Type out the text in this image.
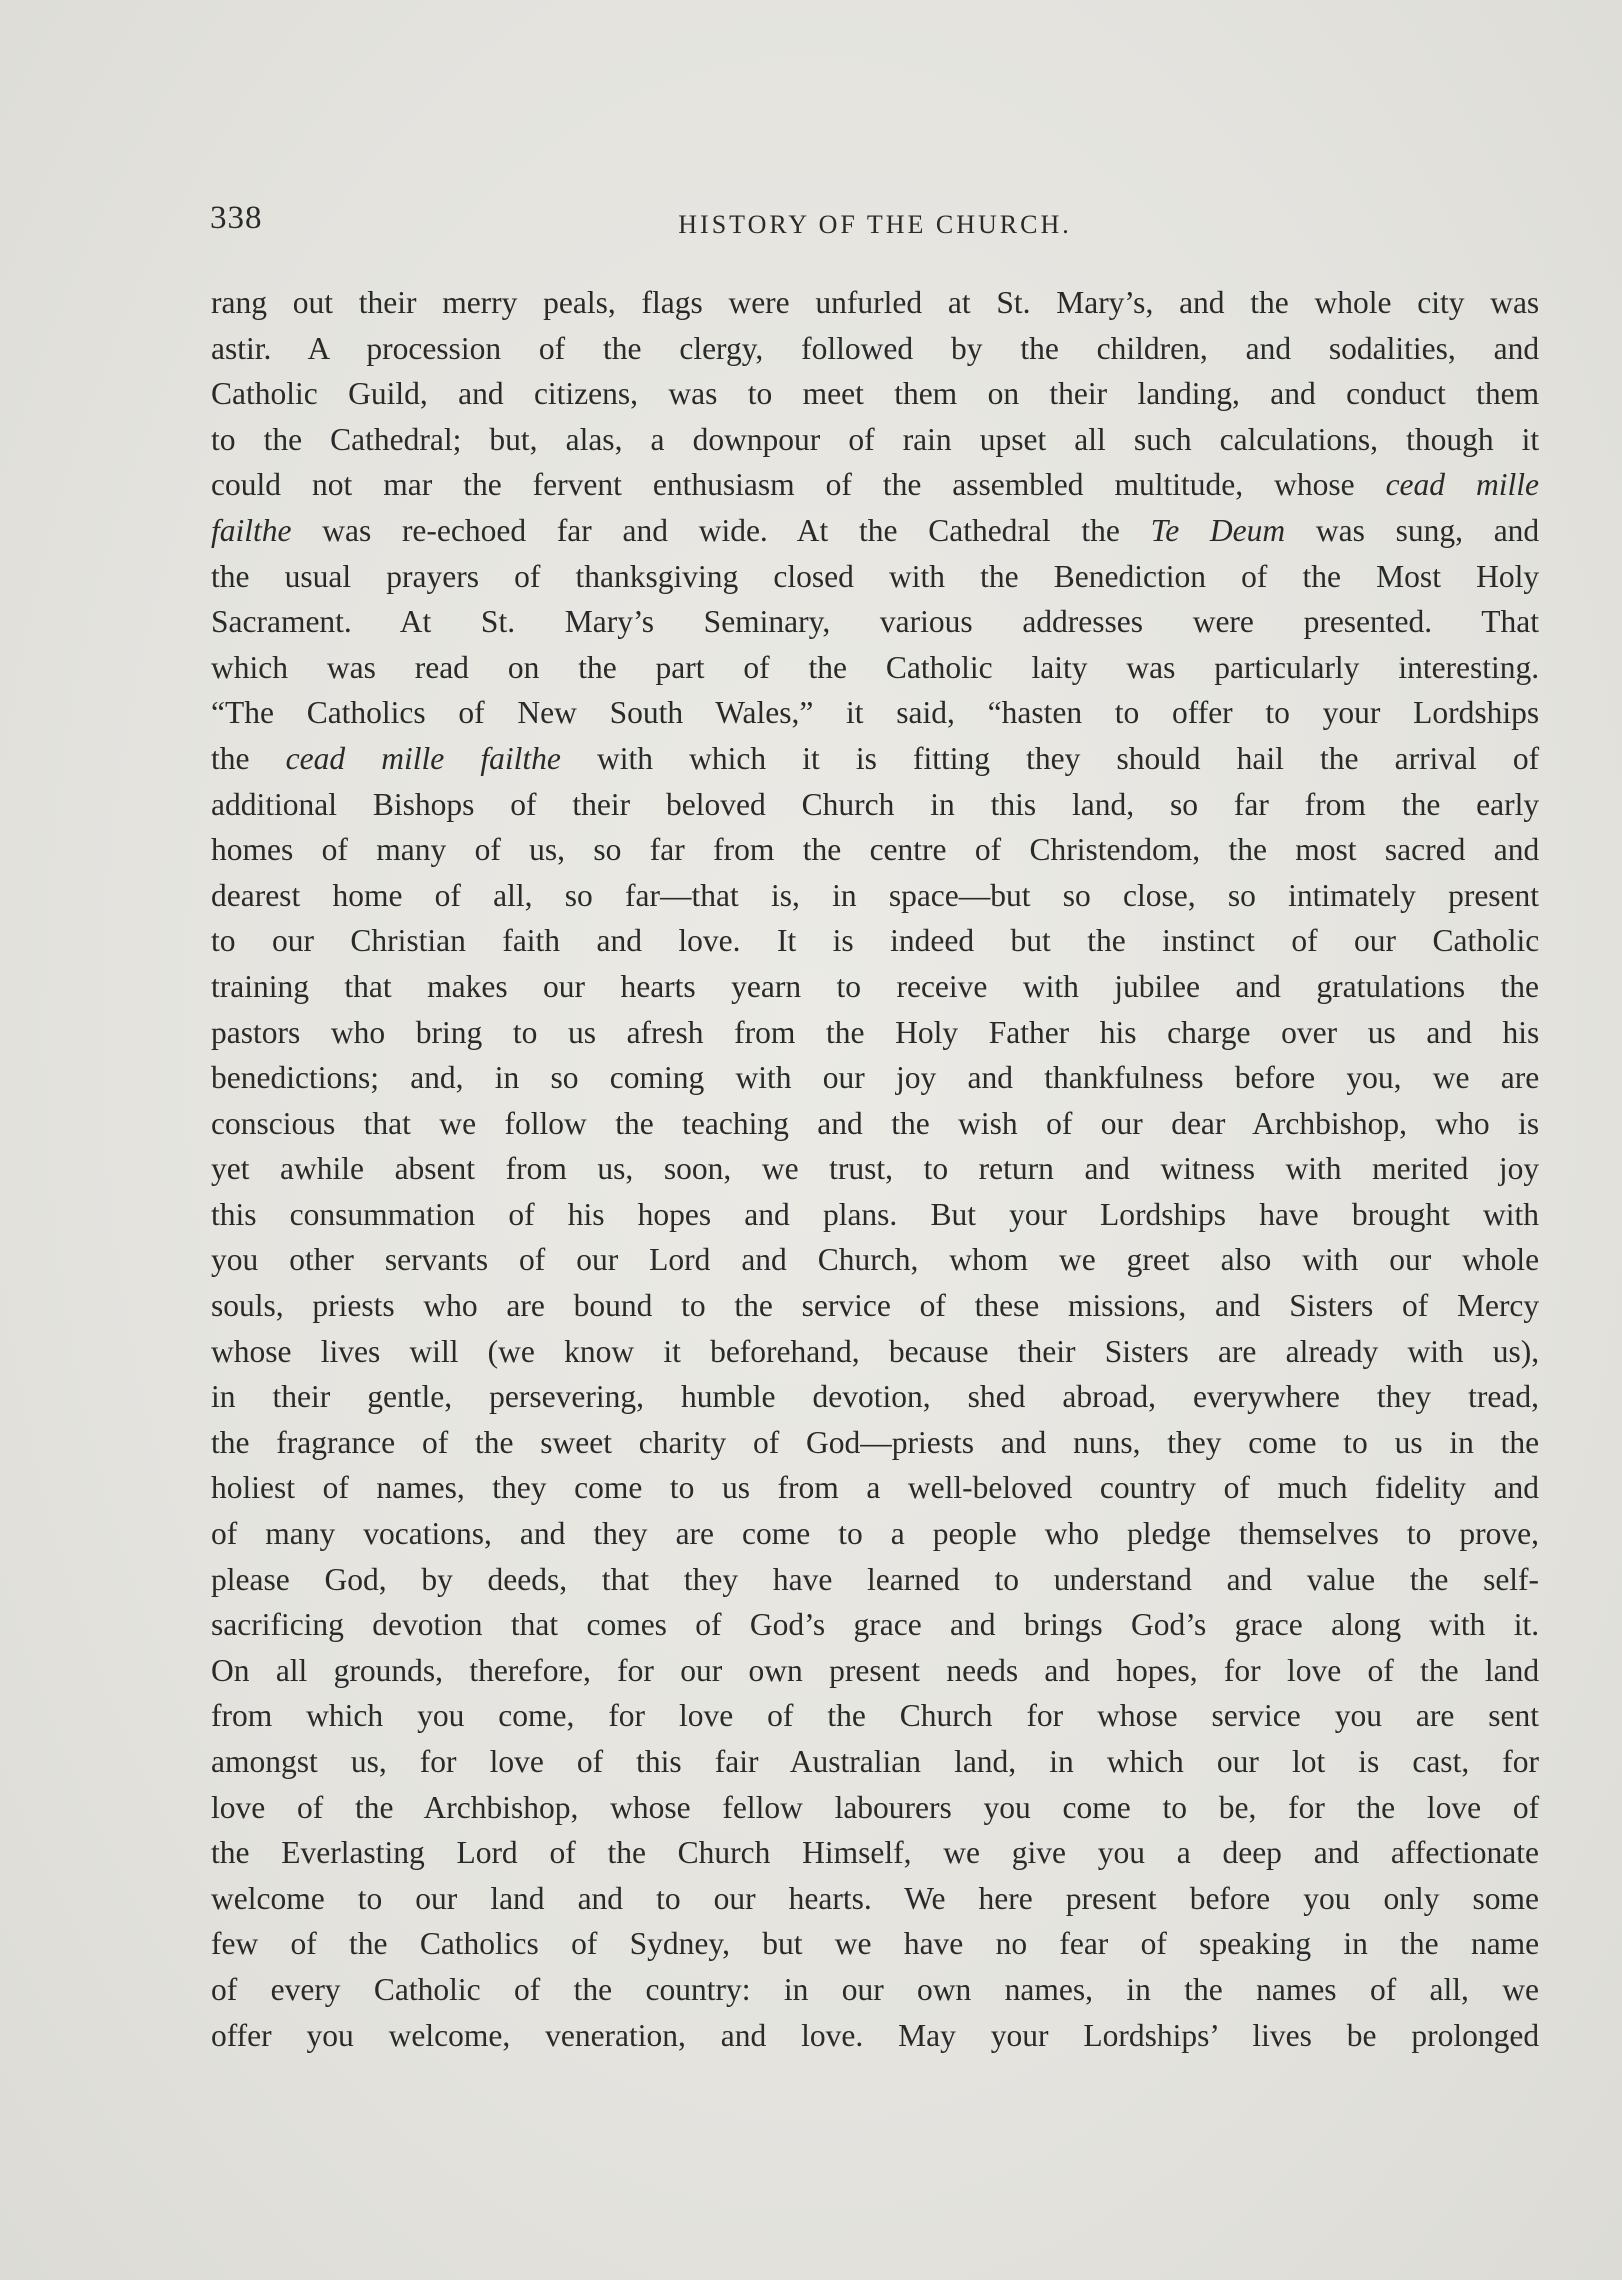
338	HISTORY OF THE CHURCH.
rang out their merry peals, flags were unfurled at St. Mary’s, and the whole city was
astir. A procession of the clergy, followed by the children, and sodalities, and
Catholic Guild, and citizens, was to meet them on their landing, and conduct them
to the Cathedral; but, alas, a downpour of rain upset all such calculations, though it
could not mar the fervent enthusiasm of the assembled multitude, whose cead mille
failthe was re-echoed far and wide. At the Cathedral the Te Deum was sung, and
the usual prayers of thanksgiving closed with the Benediction of the Most Holy
Sacrament. At St. Mary’s Seminary, various addresses were presented. That
which was read on the part of the Catholic laity was particularly interesting.
“The Catholics of New South Wales,” it said, “hasten to offer to your Lordships
the cead mille failthe with which it is fitting they should hail the arrival of
additional Bishops of their beloved Church in this land, so far from the early
homes of many of us, so far from the centre of Christendom, the most sacred and
dearest home of all, so far—that is, in space—but so close, so intimately present
to our Christian faith and love. It is indeed but the instinct of our Catholic
training that makes our hearts yearn to receive with jubilee and gratulations the
pastors who bring to us afresh from the Holy Father his charge over us and his
benedictions; and, in so coming with our joy and thankfulness before you, we are
conscious that we follow the teaching and the wish of our dear Archbishop, who is
yet awhile absent from us, soon, we trust, to return and witness with merited joy
this consummation of his hopes and plans. But your Lordships have brought with
you other servants of our Lord and Church, whom we greet also with our whole
souls, priests who are bound to the service of these missions, and Sisters of Mercy
whose lives will (we know it beforehand, because their Sisters are already with us),
in their gentle, persevering, humble devotion, shed abroad, everywhere they tread,
the fragrance of the sweet charity of God—priests and nuns, they come to us in the
holiest of names, they come to us from a well-beloved country of much fidelity and
of many vocations, and they are come to a people who pledge themselves to prove,
please God, by deeds, that they have learned to understand and value the self-
sacrificing devotion that comes of God’s grace and brings God’s grace along with it.
On all grounds, therefore, for our own present needs and hopes, for love of the land
from which you come, for love of the Church for whose service you are sent
amongst us, for love of this fair Australian land, in which our lot is cast, for
love of the Archbishop, whose fellow labourers you come to be, for the love of
the Everlasting Lord of the Church Himself, we give you a deep and affectionate
welcome to our land and to our hearts. We here present before you only some
few of the Catholics of Sydney, but we have no fear of speaking in the name
of every Catholic of the country: in our own names, in the names of all, we
offer you welcome, veneration, and love. May your Lordships’ lives be prolonged
